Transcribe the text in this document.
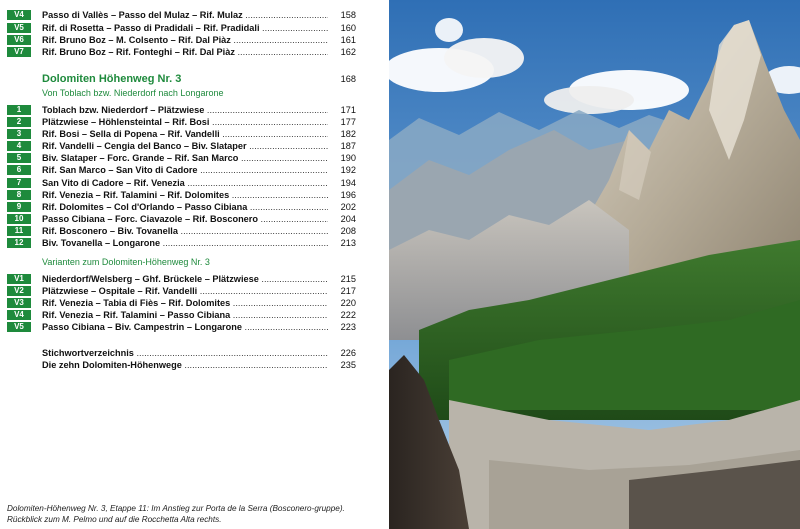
V4	Passo di Vallès – Passo del Mulaz – Rif. Mulaz .....	158
V5	Rif. di Rosetta – Passo di Pradidali – Rif. Pradidali .....	160
V6	Rif. Bruno Boz – M. Colsento – Rif. Dal Piàz .....	161
V7	Rif. Bruno Boz – Rif. Fonteghi – Rif. Dal Piàz .....	162
Dolomiten Höhenweg Nr. 3	168
Von Toblach bzw. Niederdorf nach Longarone
1	Toblach bzw. Niederdorf – Plätzwiese .....	171
2	Plätzwiese – Höhlensteintal – Rif. Bosi .....	177
3	Rif. Bosi – Sella di Popena – Rif. Vandelli .....	182
4	Rif. Vandelli – Cengia del Banco – Biv. Slataper .....	187
5	Biv. Slataper – Forc. Grande – Rif. San Marco .....	190
6	Rif. San Marco – San Vito di Cadore .....	192
7	San Vito di Cadore – Rif. Venezia .....	194
8	Rif. Venezia – Rif. Talamini – Rif. Dolomites .....	196
9	Rif. Dolomites – Col d'Orlando – Passo Cibiana .....	202
10	Passo Cibiana – Forc. Ciavazole – Rif. Bosconero .....	204
11	Rif. Bosconero – Biv. Tovanella .....	208
12	Biv. Tovanella – Longarone .....	213
Varianten zum Dolomiten-Höhenweg Nr. 3
V1	Niederdorf/Welsberg – Ghf. Brückele – Plätzwiese .....	215
V2	Plätzwiese – Ospitale – Rif. Vandelli .....	217
V3	Rif. Venezia – Tabia di Fiès – Rif. Dolomites .....	220
V4	Rif. Venezia – Rif. Talamini – Passo Cibiana .....	222
V5	Passo Cibiana – Biv. Campestrin – Longarone .....	223
Stichwortverzeichnis .....	226
Die zehn Dolomiten-Höhenwege .....	235
Dolomiten-Höhenweg Nr. 3, Etappe 11: Im Anstieg zur Porta de la Serra (Bosconero-gruppe). Rückblick zum M. Pelmo und auf die Rocchetta Alta rechts.
